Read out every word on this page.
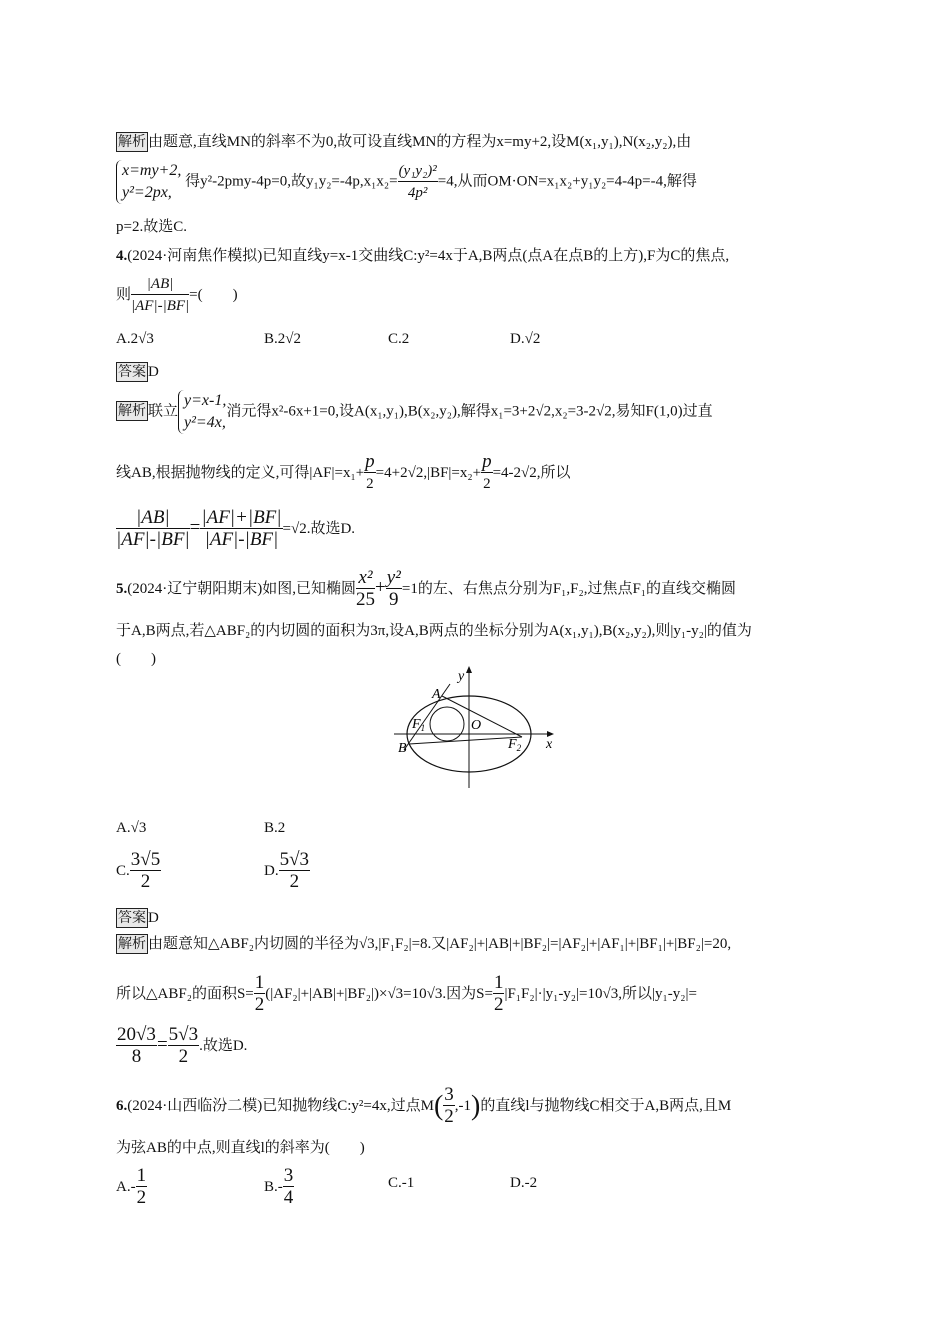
解析 由题意,直线MN的斜率不为0,故可设直线MN的方程为x=my+2,设M(x₁,y₁),N(x₂,y₂),由
x=my+2,
y²=2px,
得y²-2pmy-4p=0,故$y_1y_2=-4p,x_1x_2= \frac{\text{(y₁y₂)²}}{\text{4p²}} =4$,从而OM·ON=x₁x₂+y₁y₂=4-4p=-4,解得
p=2.故选C.
4.(2024·河南焦作模拟)已知直线y=x-1交曲线C:y²=4x于A,B两点(点A在点B的上方),F为C的焦点,
则 $\frac{|AB|}{|AF|-|BF|}$ =(　　)
A.2√3	B.2√2	C.2	D.√2
答案 D
解析 联立
y=x-1,
y²=4x,
消元得x²-6x+1=0,设A(x₁,y₁),B(x₂,y₂),解得x₁=3+2√2,x₂=3-2√2,易知F(1,0)过直
线AB,根据抛物线的定义,可得$|AF|=x_1+ \frac{p}{2} =4+2√2,|BF|=x_2+ \frac{p}{2} =4-2√2$,所以
$\frac{|AB|}{|AF|-|BF|} = \frac{|AF|+|BF|}{|AF|-|BF|} =√2$.故选D.
5.(2024·辽宁朝阳期末)如图,已知椭圆 $\frac{\text{x²}}{25} + \frac{\text{y²}}{9} =1$的左、右焦点分别为F₁,F₂,过焦点F₁的直线交椭圆
于A,B两点,若△ABF₂的内切圆的面积为3π,设A,B两点的坐标分别为A(x₁,y₁),B(x₂,y₂),则|y₁-y₂|的值为
(　　)
y
x
A
O
$F_1$
$F_2$
B
A.√3	B.2
C. $\frac{3√5}{2}$	D. $\frac{5√3}{2}$
答案 D
解析 由题意知△ABF₂内切圆的半径为√3,|F₁F₂|=8.又|AF₂|+|AB|+|BF₂|=|AF₂|+|AF₁|+|BF₁|+|BF₂|=20,
所以△ABF₂的面积$S= \frac{1}{2} (|AF_2|+|AB|+|BF_2|)\times√3=10√3$.因为$S= \frac{1}{2} |F_1F_2|\cdot|y_1-y_2|=10√3$,所以|y₁-y₂|=
$\frac{20√3}{8} = \frac{5√3}{2}$ .故选D.
6.(2024·山西临汾二模)已知抛物线C:y²=4x,过点$M( \frac{3}{2} ,-1)$的直线l与抛物线C相交于A,B两点,且M
为弦AB的中点,则直线l的斜率为(　　)
$A.- \frac{1}{2}$	$B.- \frac{3}{4}$	C.-1	D.-2
